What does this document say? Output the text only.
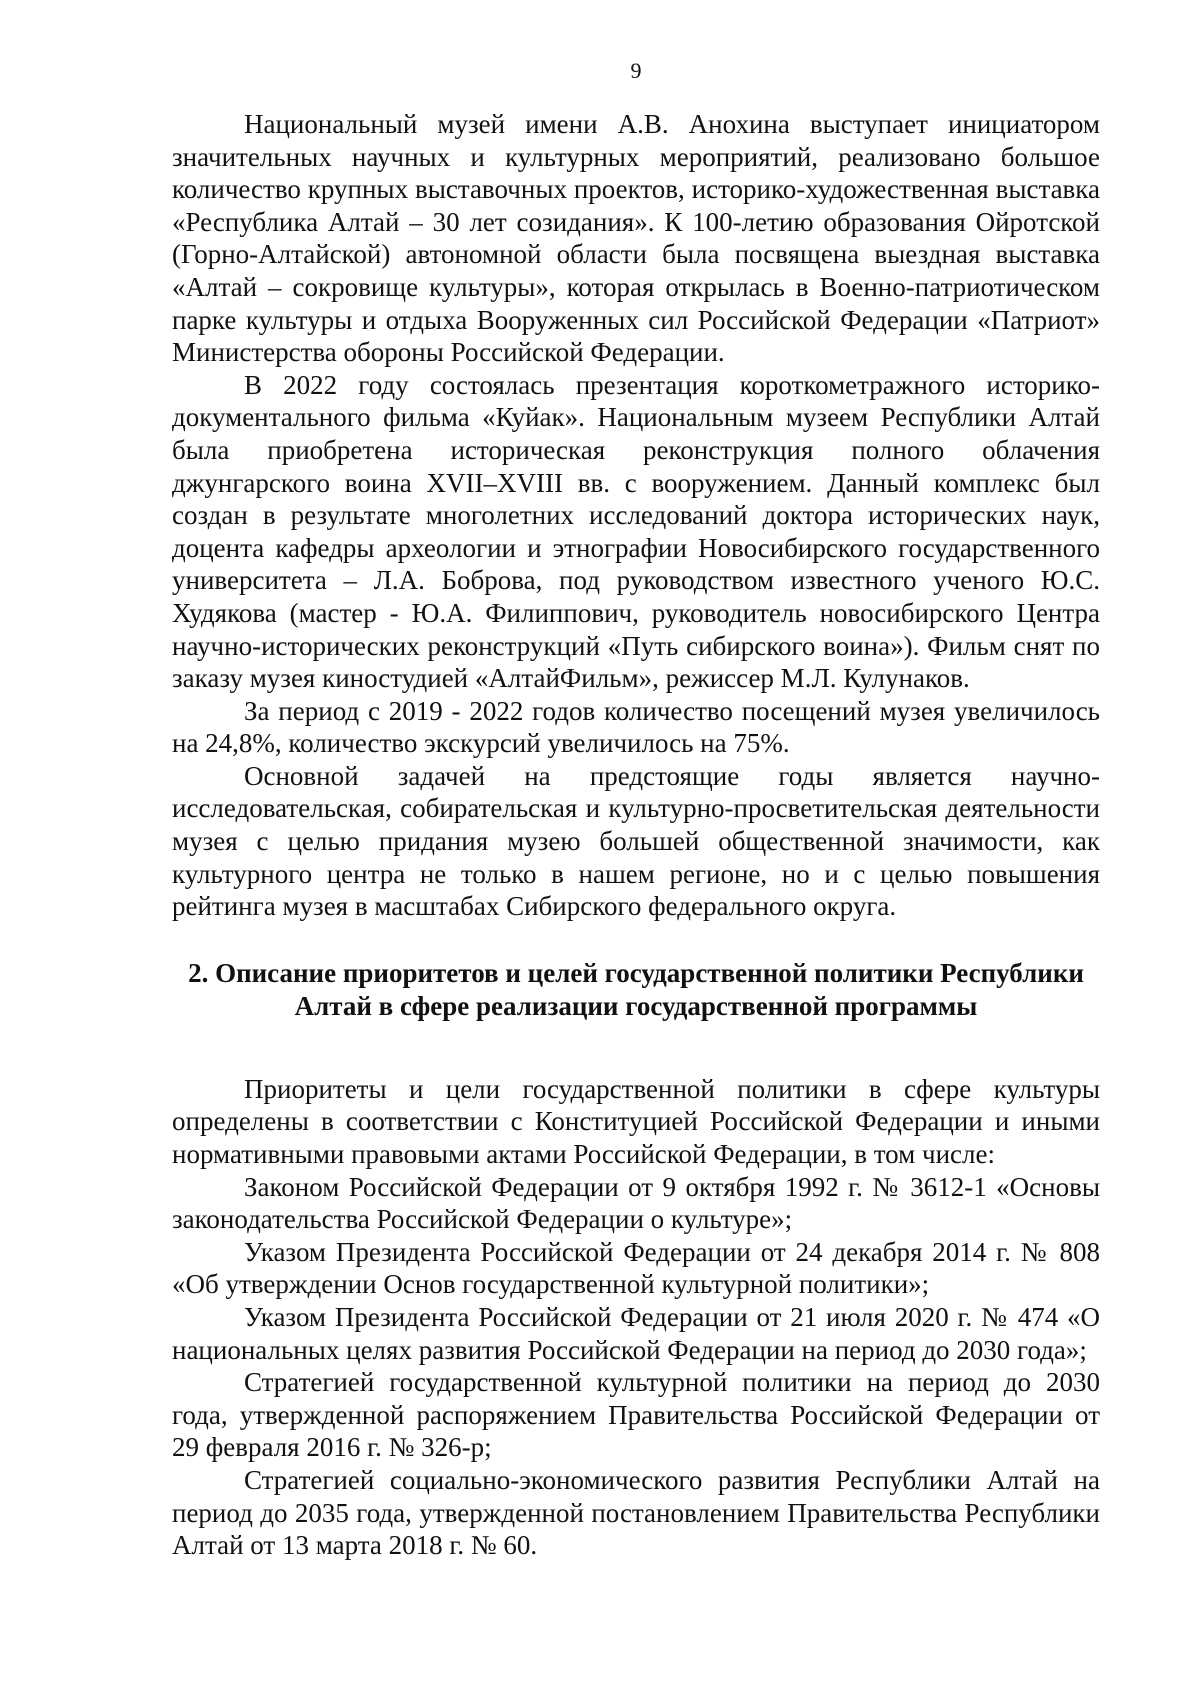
9

Национальный музей имени А.В. Анохина выступает инициатором значительных научных и культурных мероприятий, реализовано большое количество крупных выставочных проектов, историко-художественная выставка «Республика Алтай – 30 лет созидания». К 100-летию образования Ойротской (Горно-Алтайской) автономной области была посвящена выездная выставка «Алтай – сокровище культуры», которая открылась в Военно-патриотическом парке культуры и отдыха Вооруженных сил Российской Федерации «Патриот» Министерства обороны Российской Федерации.

В 2022 году состоялась презентация короткометражного историко-документального фильма «Куйак». Национальным музеем Республики Алтай была приобретена историческая реконструкция полного облачения джунгарского воина XVII–XVIII вв. с вооружением. Данный комплекс был создан в результате многолетних исследований доктора исторических наук, доцента кафедры археологии и этнографии Новосибирского государственного университета – Л.А. Боброва, под руководством известного ученого Ю.С. Худякова (мастер - Ю.А. Филиппович, руководитель новосибирского Центра научно-исторических реконструкций «Путь сибирского воина»). Фильм снят по заказу музея киностудией «АлтайФильм», режиссер М.Л. Кулунаков.

За период с 2019 - 2022 годов количество посещений музея увеличилось на 24,8%, количество экскурсий увеличилось на 75%.

Основной задачей на предстоящие годы является научно-исследовательская, собирательская и культурно-просветительская деятельности музея с целью придания музею большей общественной значимости, как культурного центра не только в нашем регионе, но и с целью повышения рейтинга музея в масштабах Сибирского федерального округа.

2. Описание приоритетов и целей государственной политики Республики
Алтай в сфере реализации государственной программы

Приоритеты и цели государственной политики в сфере культуры определены в соответствии с Конституцией Российской Федерации и иными нормативными правовыми актами Российской Федерации, в том числе:

Законом Российской Федерации от 9 октября 1992 г. № 3612-1 «Основы законодательства Российской Федерации о культуре»;

Указом Президента Российской Федерации от 24 декабря 2014 г. № 808 «Об утверждении Основ государственной культурной политики»;

Указом Президента Российской Федерации от 21 июля 2020 г. № 474 «О национальных целях развития Российской Федерации на период до 2030 года»;

Стратегией государственной культурной политики на период до 2030 года, утвержденной распоряжением Правительства Российской Федерации от 29 февраля 2016 г. № 326-р;

Стратегией социально-экономического развития Республики Алтай на период до 2035 года, утвержденной постановлением Правительства Республики Алтай от 13 марта 2018 г. № 60.
